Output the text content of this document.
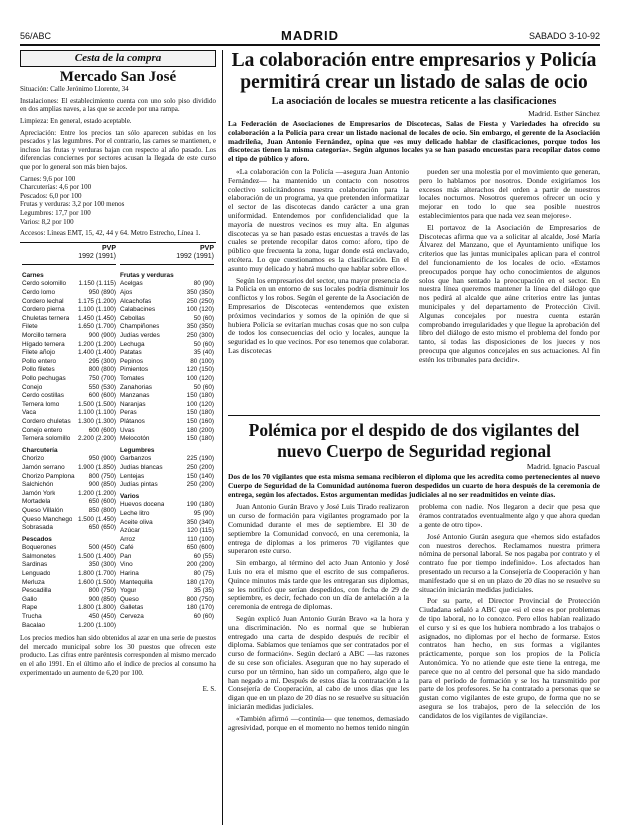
56/ABC	MADRID	SABADO 3-10-92
Cesta de la compra
Mercado San José

Situación: Calle Jerónimo Llorente, 34

Instalaciones: El establecimiento cuenta con uno solo piso dividido en dos amplias naves, a las que se accede por una rampa.

Limpieza: En general, estado aceptable.

Apreciación: Entre los precios tan sólo aparecen subidas en los pescados y las legumbres. Por el contrario, las carnes se mantienen, e incluso las frutas y verduras bajan con respecto al año pasado. Los diferencias conciernes por sectores acusan la llegada de este curso que por lo general son más bien bajos.

Carnes: 9,6 por 100
Charcuterías: 4,6 por 100
Pescados: 6,0 por 100
Frutas y verduras: 3,2 por 100 menos
Legumbres: 17,7 por 100
Varios: 8,2 por 100

Accesos: Líneas EMT, 15, 42, 44 y 64. Metro Estrecho, Línea 1.

PVP
1992 (1991)
PVP
1992 (1991)
Carnes
Cerdo solomillo 1.150 (1.115)
Cerdo lomo	950 (890)
Cordero lechal 1.175 (1.200)
Cordero pierna 1.100 (1.100)
Chuletas ternera 1.450 (1.450)
Filete	1.650 (1.700)
Morcillo ternera	900 (900)
Hígado ternera 1.200 (1.200)
Filete añojo	1.400 (1.400)
Pollo entero	295 (300)
Pollo filetes	800 (800)
Pollo pechugas	750 (700)
Conejo	550 (530)
Cerdo costillas	600 (600)
Ternera lomo	1.500 (1.500)
Vaca	1.100 (1.100)
Cordero chuletas 1.300 (1.300)
Conejo entero	600 (600)
Ternera solomillo 2.200 (2.200)
Charcutería
Chorizo	950 (900)
Jamón serrano 1.900 (1.850)
Chorizo Pamplona 800 (750)
Salchichón	900 (850)
Jamón York	1.200 (1.200)
Mortadela	650 (600)
Queso Villalón	850 (800)
Queso Manchego 1.500 (1.450)
Sobrasada	650 (650)
Pescados
Boquerones	500 (450)
Salmonetes	1.500 (1.400)
Sardinas	350 (300)
Lenguado	1.800 (1.700)
Merluza	1.600 (1.500)
Pescadilla	800 (750)
Gallo	900 (850)
Rape	1.800 (1.800)
Trucha	450 (450)
Bacalao	1.200 (1.100)
Frutas y verduras
Acelgas	80 (90)
Ajos	350 (350)
Alcachofas	250 (250)
Calabacines	100 (120)
Cebollas	50 (60)
Champiñones	350 (350)
Judías verdes	250 (300)
Lechuga	50 (60)
Patatas	35 (40)
Pepinos	80 (100)
Pimientos	120 (150)
Tomates	100 (120)
Zanahorias	50 (60)
Manzanas	150 (180)
Naranjas	100 (120)
Peras	150 (180)
Plátanos	150 (160)
Uvas	180 (200)
Melocotón	150 (180)
Legumbres
Garbanzos	225 (190)
Judías blancas	250 (200)
Lentejas	150 (140)
Judías pintas	250 (200)
Varios
Huevos docena	190 (180)
Leche litro	95 (90)
Aceite oliva	350 (340)
Azúcar	120 (115)
Arroz	110 (100)
Café	650 (600)
Pan	60 (55)
Vino	200 (200)
Harina	80 (75)
Mantequilla	180 (170)
Yogur	35 (35)
Queso	800 (750)
Galletas	180 (170)
Cerveza	60 (60)
Los precios medios han sido obtenidos al azar en una serie de puestos del mercado municipal sobre los 30 puestos que ofrecen este producto. Las cifras entre paréntesis corresponden al mismo mercado en el año 1991. En el último año el índice de precios al consumo ha experimentado un aumento de 6,20 por 100.
E. S.
La colaboración entre empresarios y Policía permitirá crear un listado de salas de ocio
La asociación de locales se muestra reticente a las clasificaciones
Madrid. Esther Sánchez
La Federación de Asociaciones de Empresarios de Discotecas, Salas de Fiesta y Variedades ha ofrecido su colaboración a la Policía para crear un listado nacional de locales de ocio. Sin embargo, el gerente de la Asociación madrileña, Juan Antonio Fernández, opina que «es muy delicado hablar de clasificaciones, porque todos los discotecas tienen la misma categoría». Según algunos locales ya se han pasado encuestas para recopilar datos como el tipo de público y aforo.

«La colaboración con la Policía —asegura Juan Antonio Fernández— ha mantenido un contacto con nosotros colectivo solicitándonos nuestra colaboración para la elaboración de un programa, ya que pretenden informatizar el sector de las discotecas dando carácter a una gran uniformidad. Entendemos por confidencialidad que la mayoría de nuestros vecinos es muy alta. En algunas discotecas ya se han pasado estas encuestas a través de las cuales se pretende recopilar datos como: aforo, tipo de público que frecuenta la zona, lugar donde está enclavado, etcétera. Lo que cuestionamos es la clasificación. En el asunto muy delicado y habrá mucho que hablar sobre ello».

Según los empresarios del sector, una mayor presencia de la Policía en un entorno de sus locales podría disminuir los conflictos y los robos. Según el gerente de la Asociación de Empresarios de Discotecas «entendemos que existen próximos vecindarios y somos de la opinión de que si hubiera Policía se evitarían muchas cosas que no son culpa de todos los consecuencias del ocio y locales, aunque la seguridad es lo que vecinos. Por eso tenemos que colaborar. Las discotecas

pueden ser una molestia por el movimiento que generan, pero lo hablamos por nosotros. Donde exigiríamos los excesos más alterachos del orden a partir de nuestros locales nocturnos. Nosotros queremos ofrecer un ocio y mejorar en todo lo que sea posible nuestros establecimientos para que nada vez sean mejores».

El portavoz de la Asociación de Empresarios de Discotecas afirma que va a solicitar al alcalde, José María Álvarez del Manzano, que el Ayuntamiento unifique los criterios que las juntas municipales aplican para el control del funcionamiento de los locales de ocio. «Estamos preocupados porque hay ocho conocimientos de algunos solos que han sentado la preocupación en el sector. En nuestra línea queremos mantener la línea del diálogo que nos pedirá al alcalde que aúne criterios entre las juntas municipales y del departamento de Protección Civil. Algunas concejales por nuestra cuenta estarán comprobando irregularidades y que llegue la aprobación del libro del diálogo de esto mismo el problema del fondo por tanto, si todas las disposiciones de los jueces y nos preocupa que algunos concejales en sus actuaciones. Al fin estén los tribunales para decidir».

Polémica por el despido de dos vigilantes del nuevo Cuerpo de Seguridad regional
Madrid. Ignacio Pascual
Dos de los 70 vigilantes que esta misma semana recibieron el diploma que les acredita como pertenecientes al nuevo Cuerpo de Seguridad de la Comunidad autónoma fueron despedidos un cuarto de hora después de la ceremonia de entrega, según los afectados. Estos argumentan medidas judiciales al no ser readmitidos en veinte días.

Juan Antonio Gurán Bravo y José Luis Tirado realizaron un curso de formación para vigilantes programado por la Comunidad durante el mes de septiembre. El 30 de septiembre la Comunidad convocó, en una ceremonia, la entrega de diplomas a los primeros 70 vigilantes que superaron este curso.

Sin embargo, al término del acto Juan Antonio y José Luis no era el mismo que el escrito de sus compañeros. Quince minutos más tarde que les entregaran sus diplomas, se les notificó que serían despedidos, con fecha de 29 de septiembre, es decir, fechado con un día de antelación a la ceremonia de entrega de diplomas.

Según explicó Juan Antonio Gurán Bravo «a la hora y una discriminación. No es normal que se hubieran entregado una carta de despido después de recibir el diploma. Sabíamos que teníamos que ser contratados por el curso de formación». Según declaró a ABC —las razones de su cese son oficiales. Aseguran que no hay superado el curso por un término, han sido un compañero, algo que le han negado a mí. Después de estos días la contratación a la Consejería de Cooperación, al cabo de unos días que les digan que en un plazo de 20 días no se resuelve su situación iniciarán medidas judiciales.

«También afirmó —continúa— que tenemos, demasiado agresividad, porque en el momento no hemos tenido ningún problema con nadie. Nos llegaron a decir que pesa que éramos contratados eventualmente algo y que ahora quedan a gente de otro tipo».

José Antonio Gurán asegura que «hemos sido estafados con nuestros derechos. Reclamamos nuestra primera nómina de personal laboral. Se nos pagaba por contrato y el contrato fue por tiempo indefinido». Los afectados han presentado un recurso a la Consejería de Cooperación y han manifestado que si en un plazo de 20 días no se resuelve su situación iniciarán medidas judiciales.

Por su parte, el Director Provincial de Protección Ciudadana señaló a ABC que «si el cese es por problemas de tipo laboral, no lo conozco. Pero ellos habían realizado el curso y si es que los hubiera nombrado a los trabajos o asignados, no diplomas por el hecho de formarse. Estos contratos han hecho, en sus formas a vigilantes prácticamente, porque son los propios de la Policía Autonómica. Yo no atiende que este tiene la entrega, me parece que no al centro del personal que ha sido mandado para el período de formación y se los ha transmitido por parte de los profesores. Se ha contratado a personas que se gustan como vigilantes de este grupo, de forma que no se asegura se los trabajos, pero de la selección de los candidatos de los vigilantes de vigilancia».
